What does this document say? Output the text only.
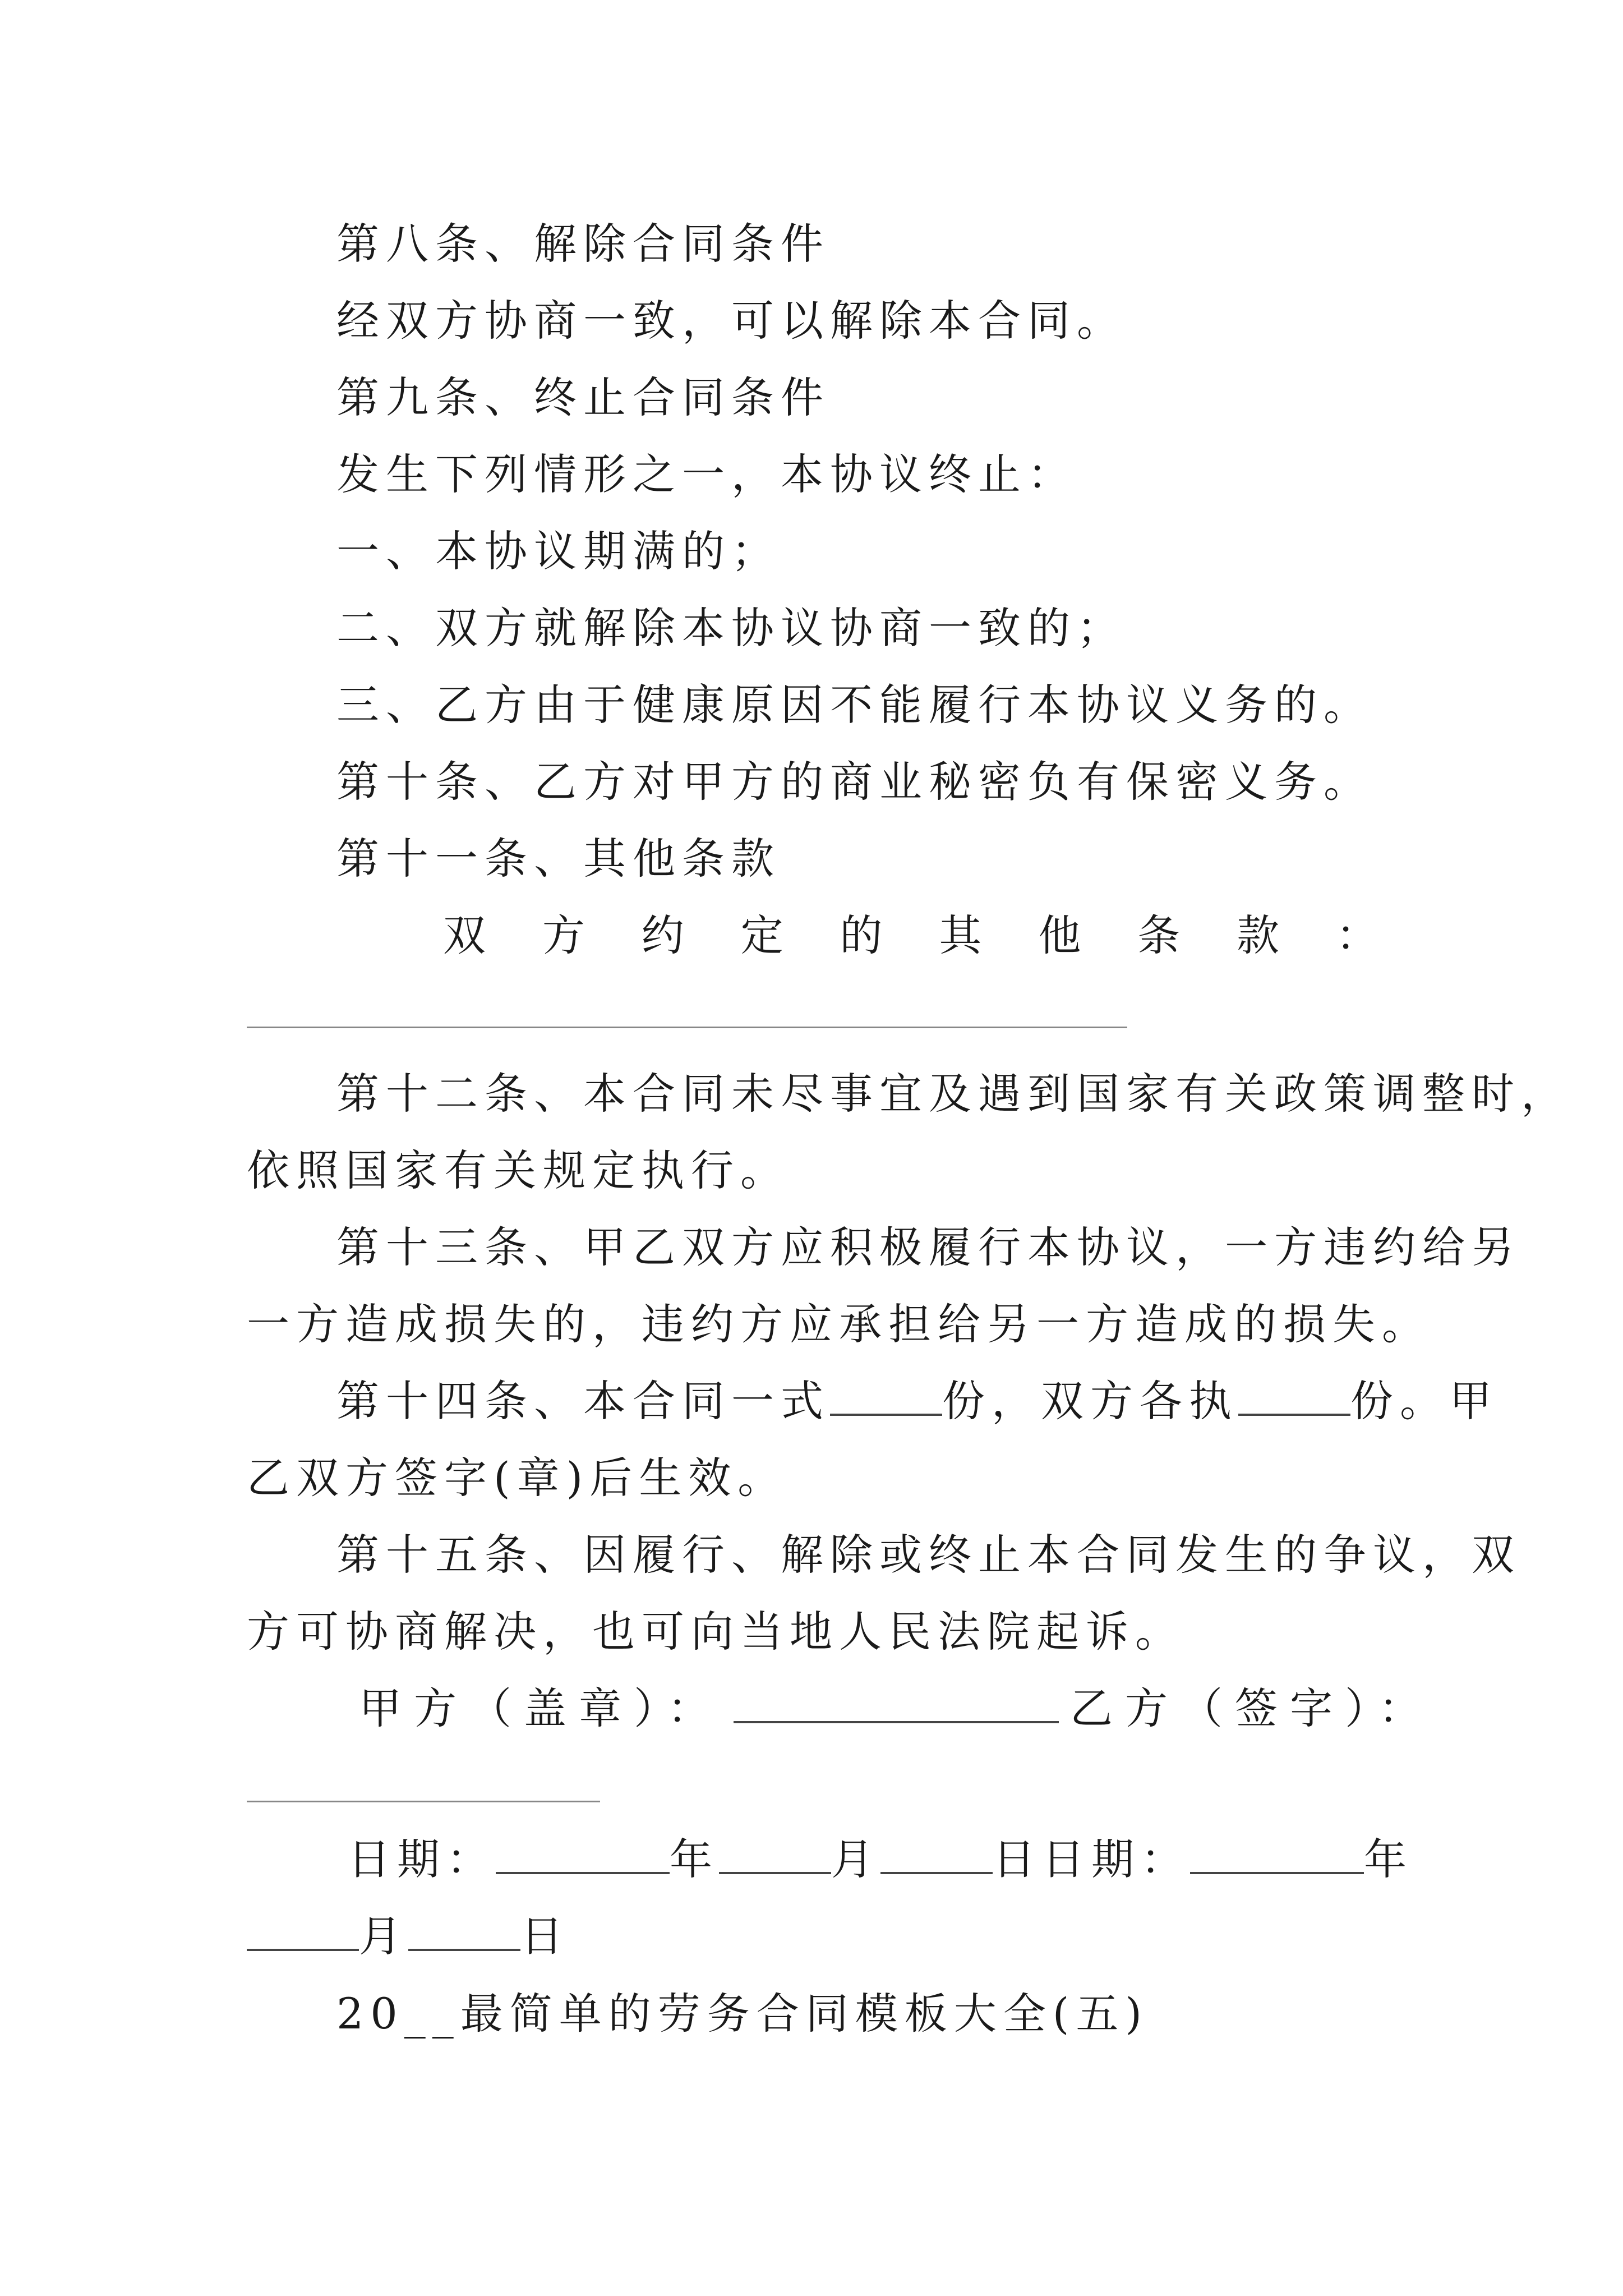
第八条、解除合同条件
经双方协商一致，可以解除本合同。
第九条、终止合同条件
发生下列情形之一，本协议终止：
一、本协议期满的；
二、双方就解除本协议协商一致的；
三、乙方由于健康原因不能履行本协议义务的。
第十条、乙方对甲方的商业秘密负有保密义务。
第十一条、其他条款
双方约定的其他条款：
第十二条、本合同未尽事宜及遇到国家有关政策调整时，
依照国家有关规定执行。
第十三条、甲乙双方应积极履行本协议，一方违约给另
一方造成损失的，违约方应承担给另一方造成的损失。
第十四条、本合同一式	份，双方各执	份。甲
乙双方签字(章)后生效。
第十五条、因履行、解除或终止本合同发生的争议，双
方可协商解决，也可向当地人民法院起诉。
甲方（盖章）：	乙方（签字）：
日期：	年	月	日日期：	年
月	日
20__最简单的劳务合同模板大全(五)
